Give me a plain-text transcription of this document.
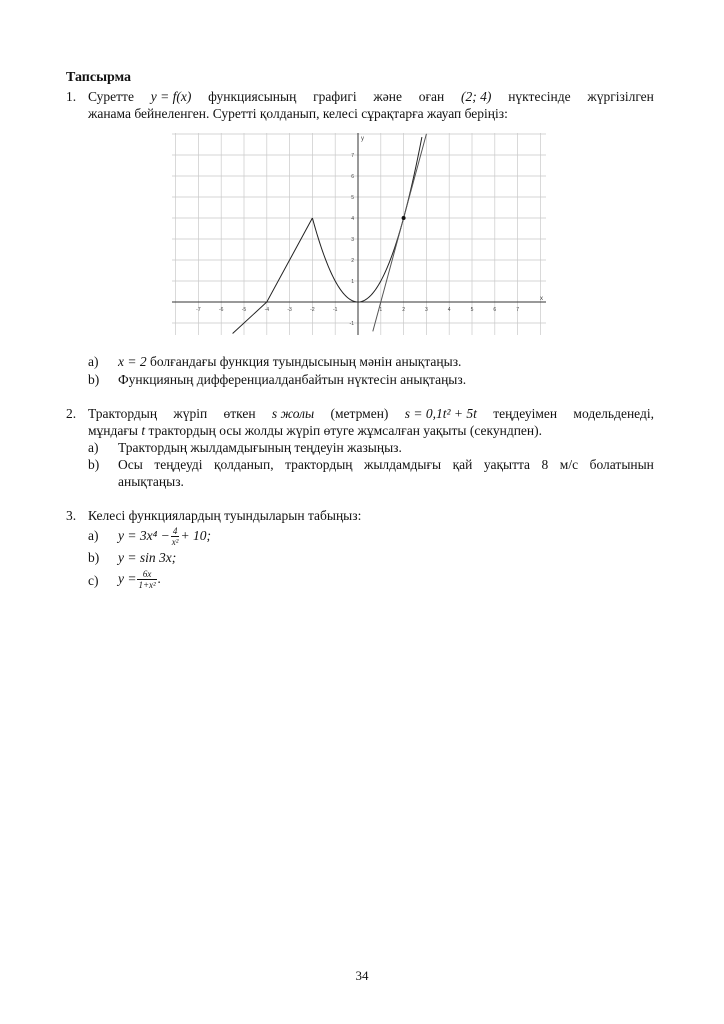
Тапсырма
1. Суретте y = f(x) функциясының графигі және оған (2; 4) нүктесінде жүргізілген
жанама бейнеленген. Суретті қолданып, келесі сұрақтарға жауап беріңіз:
-7	-6	-5	-4	-3	-2	-1	1	2	3	4	5	6	7
-1
1
2
3
4
5
6
7
x
y
a) x = 2 болғандағы функция туындысының мәнін анықтаңыз.
b) Функцияның дифференциалданбайтын нүктесін анықтаңыз.
2. Трактордың жүріп өткен s жолы (метрмен) s = 0,1t² + 5t теңдеуімен модельденеді,
мұндағы t трактордың осы жолды жүріп өтуге жұмсалған уақыты (секундпен).
a) Трактордың жылдамдығының теңдеуін жазыңыз.
b) Осы теңдеуді қолданып, трактордың жылдамдығы қай уақытта 8 м/с болатынын
анықтаңыз.
3. Келесі функциялардың туындыларын табыңыз:
a) $y = 3x^4 - \frac{4}{\text{x²}} + 10$;
b) y = sin 3x;
c) $y = \frac{6x}{\text{1+x²}}$ .
34
